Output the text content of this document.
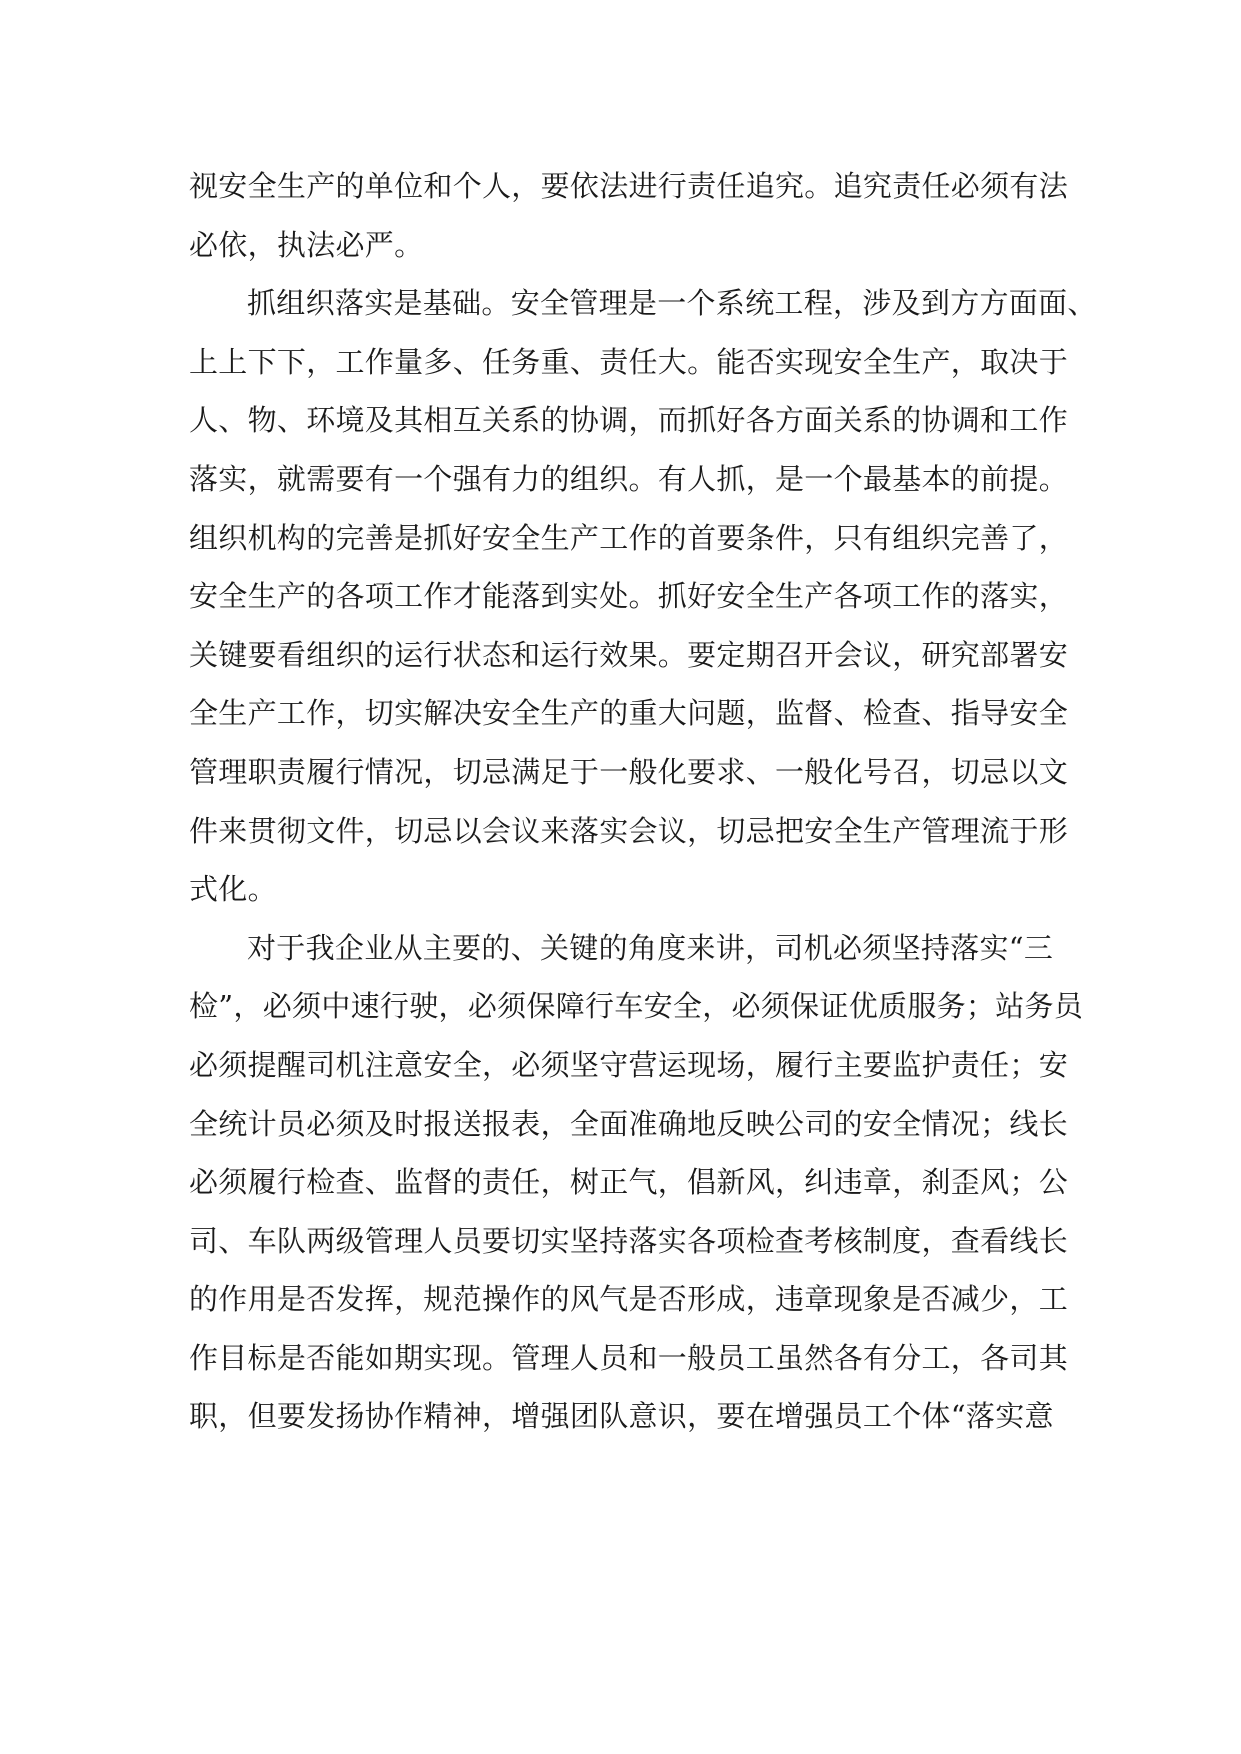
视安全生产的单位和个人，要依法进行责任追究。追究责任必须有法
必依，执法必严。
抓组织落实是基础。安全管理是一个系统工程，涉及到方方面面、
上上下下，工作量多、任务重、责任大。能否实现安全生产，取决于
人、物、环境及其相互关系的协调，而抓好各方面关系的协调和工作
落实，就需要有一个强有力的组织。有人抓，是一个最基本的前提。
组织机构的完善是抓好安全生产工作的首要条件，只有组织完善了，
安全生产的各项工作才能落到实处。抓好安全生产各项工作的落实，
关键要看组织的运行状态和运行效果。要定期召开会议，研究部署安
全生产工作，切实解决安全生产的重大问题，监督、检查、指导安全
管理职责履行情况，切忌满足于一般化要求、一般化号召，切忌以文
件来贯彻文件，切忌以会议来落实会议，切忌把安全生产管理流于形
式化。
对于我企业从主要的、关键的角度来讲，司机必须坚持落实“三
检”，必须中速行驶，必须保障行车安全，必须保证优质服务；站务员
必须提醒司机注意安全，必须坚守营运现场，履行主要监护责任；安
全统计员必须及时报送报表，全面准确地反映公司的安全情况；线长
必须履行检查、监督的责任，树正气，倡新风，纠违章，刹歪风；公
司、车队两级管理人员要切实坚持落实各项检查考核制度，查看线长
的作用是否发挥，规范操作的风气是否形成，违章现象是否减少，工
作目标是否能如期实现。管理人员和一般员工虽然各有分工，各司其
职，但要发扬协作精神，增强团队意识，要在增强员工个体“落实意
